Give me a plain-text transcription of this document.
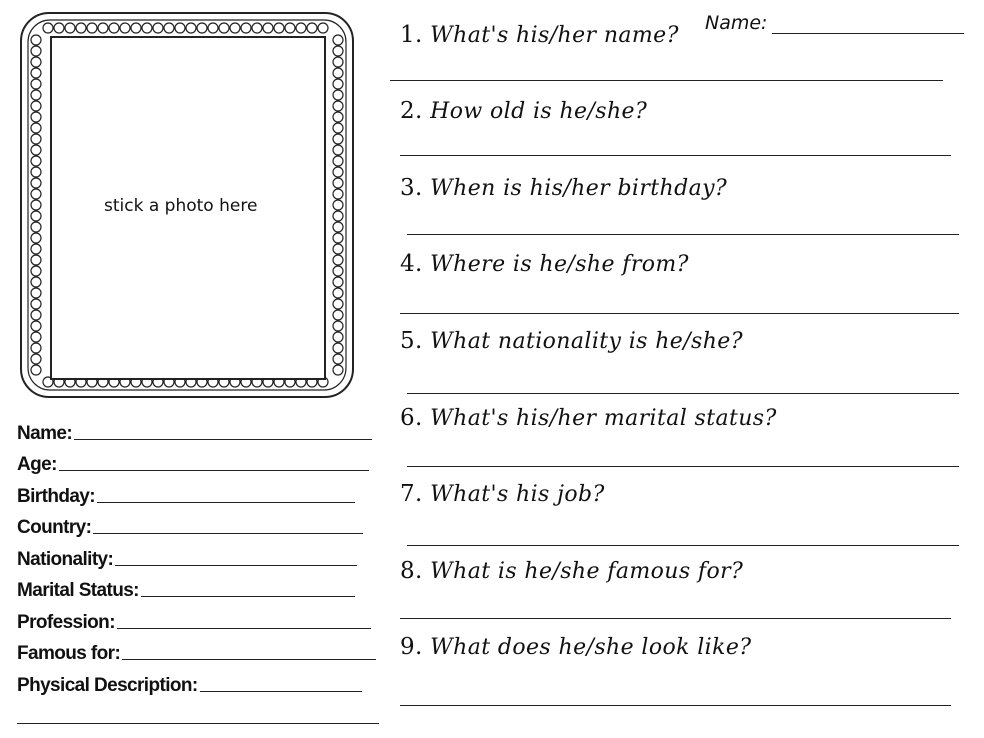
stick a photo here
Name:
Name:
Age:
Birthday:
Country:
Nationality:
Marital Status:
Profession:
Famous for:
Physical Description:
1. What's his/her name?
2. How old is he/she?
3. When is his/her birthday?
4. Where is he/she from?
5. What nationality is he/she?
6. What's his/her marital status?
7. What's his job?
8. What is he/she famous for?
9. What does he/she look like?
